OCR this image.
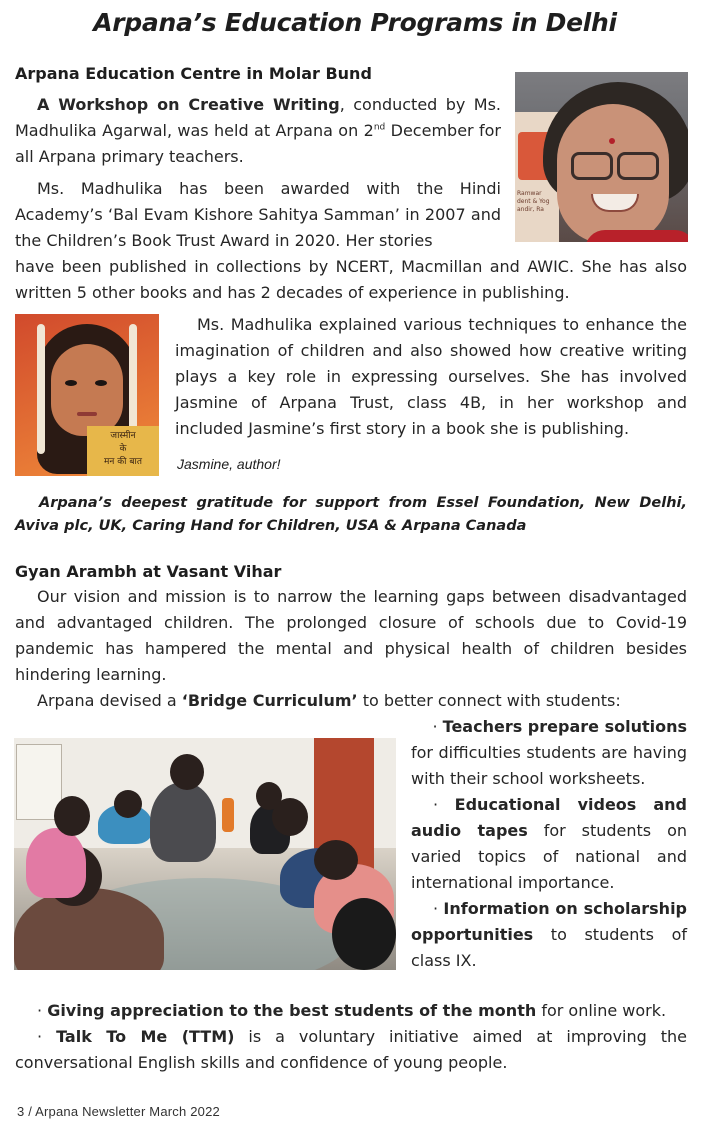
Arpana’s Education Programs in Delhi
Arpana Education Centre in Molar Bund
Ramwar
dent & Yog
andir, Ra

A Workshop on Creative Writing, conducted by Ms. Madhulika Agarwal, was held at Arpana on 2nd December for all Arpana primary teachers.

Ms. Madhulika has been awarded with the Hindi Academy’s ‘Bal Evam Kishore Sahitya Samman’ in 2007 and the Children’s Book Trust Award in 2020. Her stories

have been published in collections by NCERT, Macmillan and AWIC. She has also written 5 other books and has 2 decades of experience in publishing.

जास्मीन
के
मन की बात

Ms. Madhulika explained various techniques to enhance the imagination of children and also showed how creative writing plays a key role in expressing ourselves. She has involved Jasmine of Arpana Trust, class 4B, in her workshop and included Jasmine’s first story in a book she is publishing.

Jasmine, author!

Arpana’s deepest gratitude for support from Essel Foundation, New Delhi, Aviva plc, UK, Caring Hand for Children, USA & Arpana Canada

Gyan Arambh at Vasant Vihar

Our vision and mission is to narrow the learning gaps between disadvantaged and advantaged children. The prolonged closure of schools due to Covid-19 pandemic has hampered the mental and physical health of children besides hindering learning.

Arpana devised a ‘Bridge Curriculum’ to better connect with students:

· Teachers prepare solutions

for difficulties students are having with their school worksheets.

· Educational videos and audio tapes for students on varied topics of national and international importance.

· Information on scholarship opportunities to students of class IX.

· Giving appreciation to the best students of the month for online work.

· Talk To Me (TTM) is a voluntary initiative aimed at improving the conversational English skills and confidence of young people.

3 / Arpana Newsletter March 2022
